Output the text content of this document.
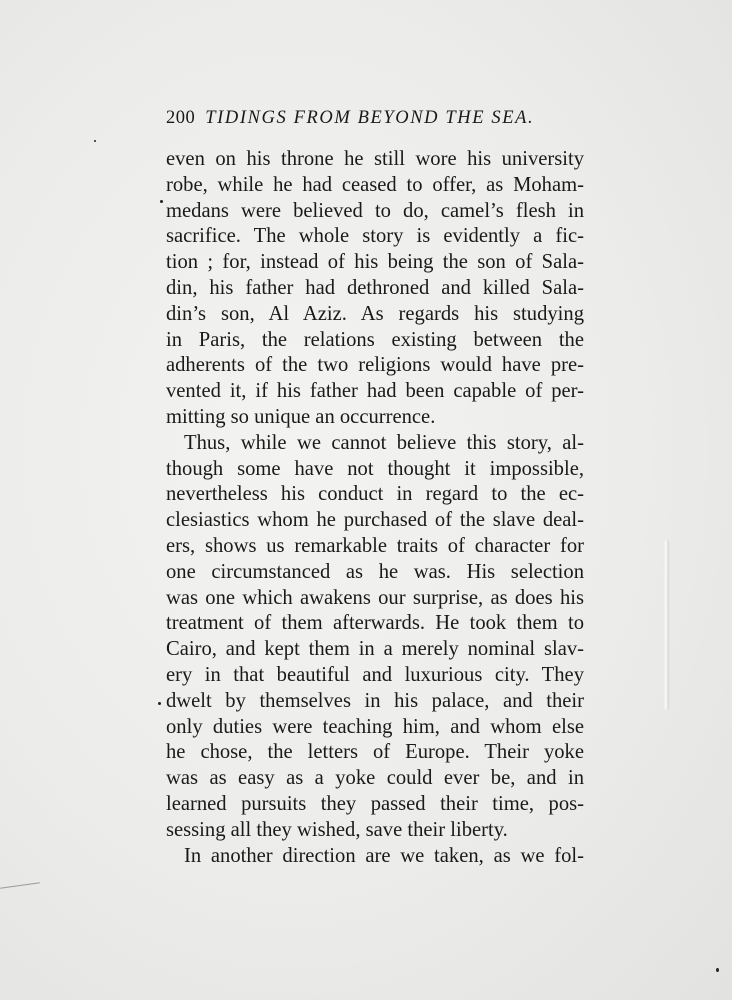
200 TIDINGS FROM BEYOND THE SEA.
even on his throne he still wore his university
robe, while he had ceased to offer, as Moham-
medans were believed to do, camel’s flesh in
sacrifice. The whole story is evidently a fic-
tion ; for, instead of his being the son of Sala-
din, his father had dethroned and killed Sala-
din’s son, Al Aziz. As regards his studying
in Paris, the relations existing between the
adherents of the two religions would have pre-
vented it, if his father had been capable of per-
mitting so unique an occurrence.
Thus, while we cannot believe this story, al-
though some have not thought it impossible,
nevertheless his conduct in regard to the ec-
clesiastics whom he purchased of the slave deal-
ers, shows us remarkable traits of character for
one circumstanced as he was. His selection
was one which awakens our surprise, as does his
treatment of them afterwards. He took them to
Cairo, and kept them in a merely nominal slav-
ery in that beautiful and luxurious city. They
dwelt by themselves in his palace, and their
only duties were teaching him, and whom else
he chose, the letters of Europe. Their yoke
was as easy as a yoke could ever be, and in
learned pursuits they passed their time, pos-
sessing all they wished, save their liberty.
In another direction are we taken, as we fol-
